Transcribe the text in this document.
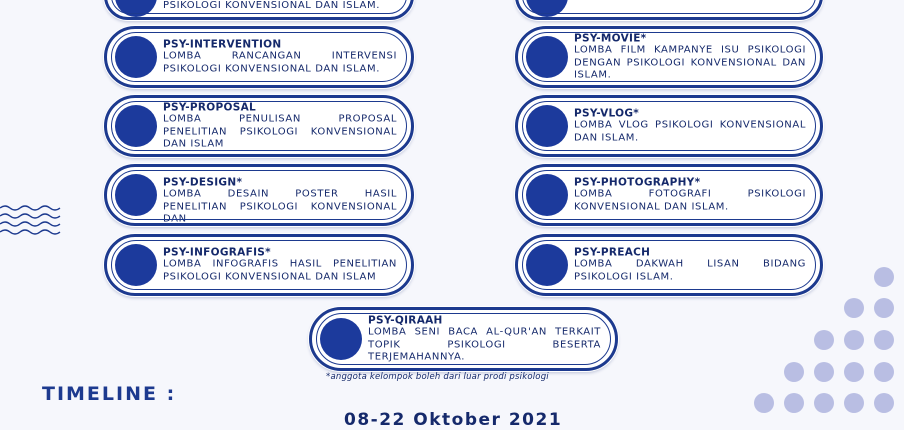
PSIKOLOGI KONVENSIONAL DAN ISLAM.
PSY-INTERVENTION
LOMBA RANCANGAN INTERVENSI PSIKOLOGI KONVENSIONAL DAN ISLAM.
PSY-MOVIE*
LOMBA FILM KAMPANYE ISU PSIKOLOGI DENGAN PSIKOLOGI KONVENSIONAL DAN ISLAM.
PSY-PROPOSAL
LOMBA PENULISAN PROPOSAL PENELITIAN PSIKOLOGI KONVENSIONAL DAN ISLAM
PSY-VLOG*
LOMBA VLOG PSIKOLOGI KONVENSIONAL DAN ISLAM.
PSY-DESIGN*
LOMBA DESAIN POSTER HASIL PENELITIAN PSIKOLOGI KONVENSIONAL DAN
PSY-PHOTOGRAPHY*
LOMBA FOTOGRAFI PSIKOLOGI KONVENSIONAL DAN ISLAM.
PSY-INFOGRAFIS*
LOMBA INFOGRAFIS HASIL PENELITIAN PSIKOLOGI KONVENSIONAL DAN ISLAM
PSY-PREACH
LOMBA DAKWAH LISAN BIDANG PSIKOLOGI ISLAM.
PSY-QIRAAH
LOMBA SENI BACA AL-QUR'AN TERKAIT TOPIK PSIKOLOGI BESERTA TERJEMAHANNYA.
*anggota kelompok boleh dari luar prodi psikologi
TIMELINE :
08-22 Oktober 2021
